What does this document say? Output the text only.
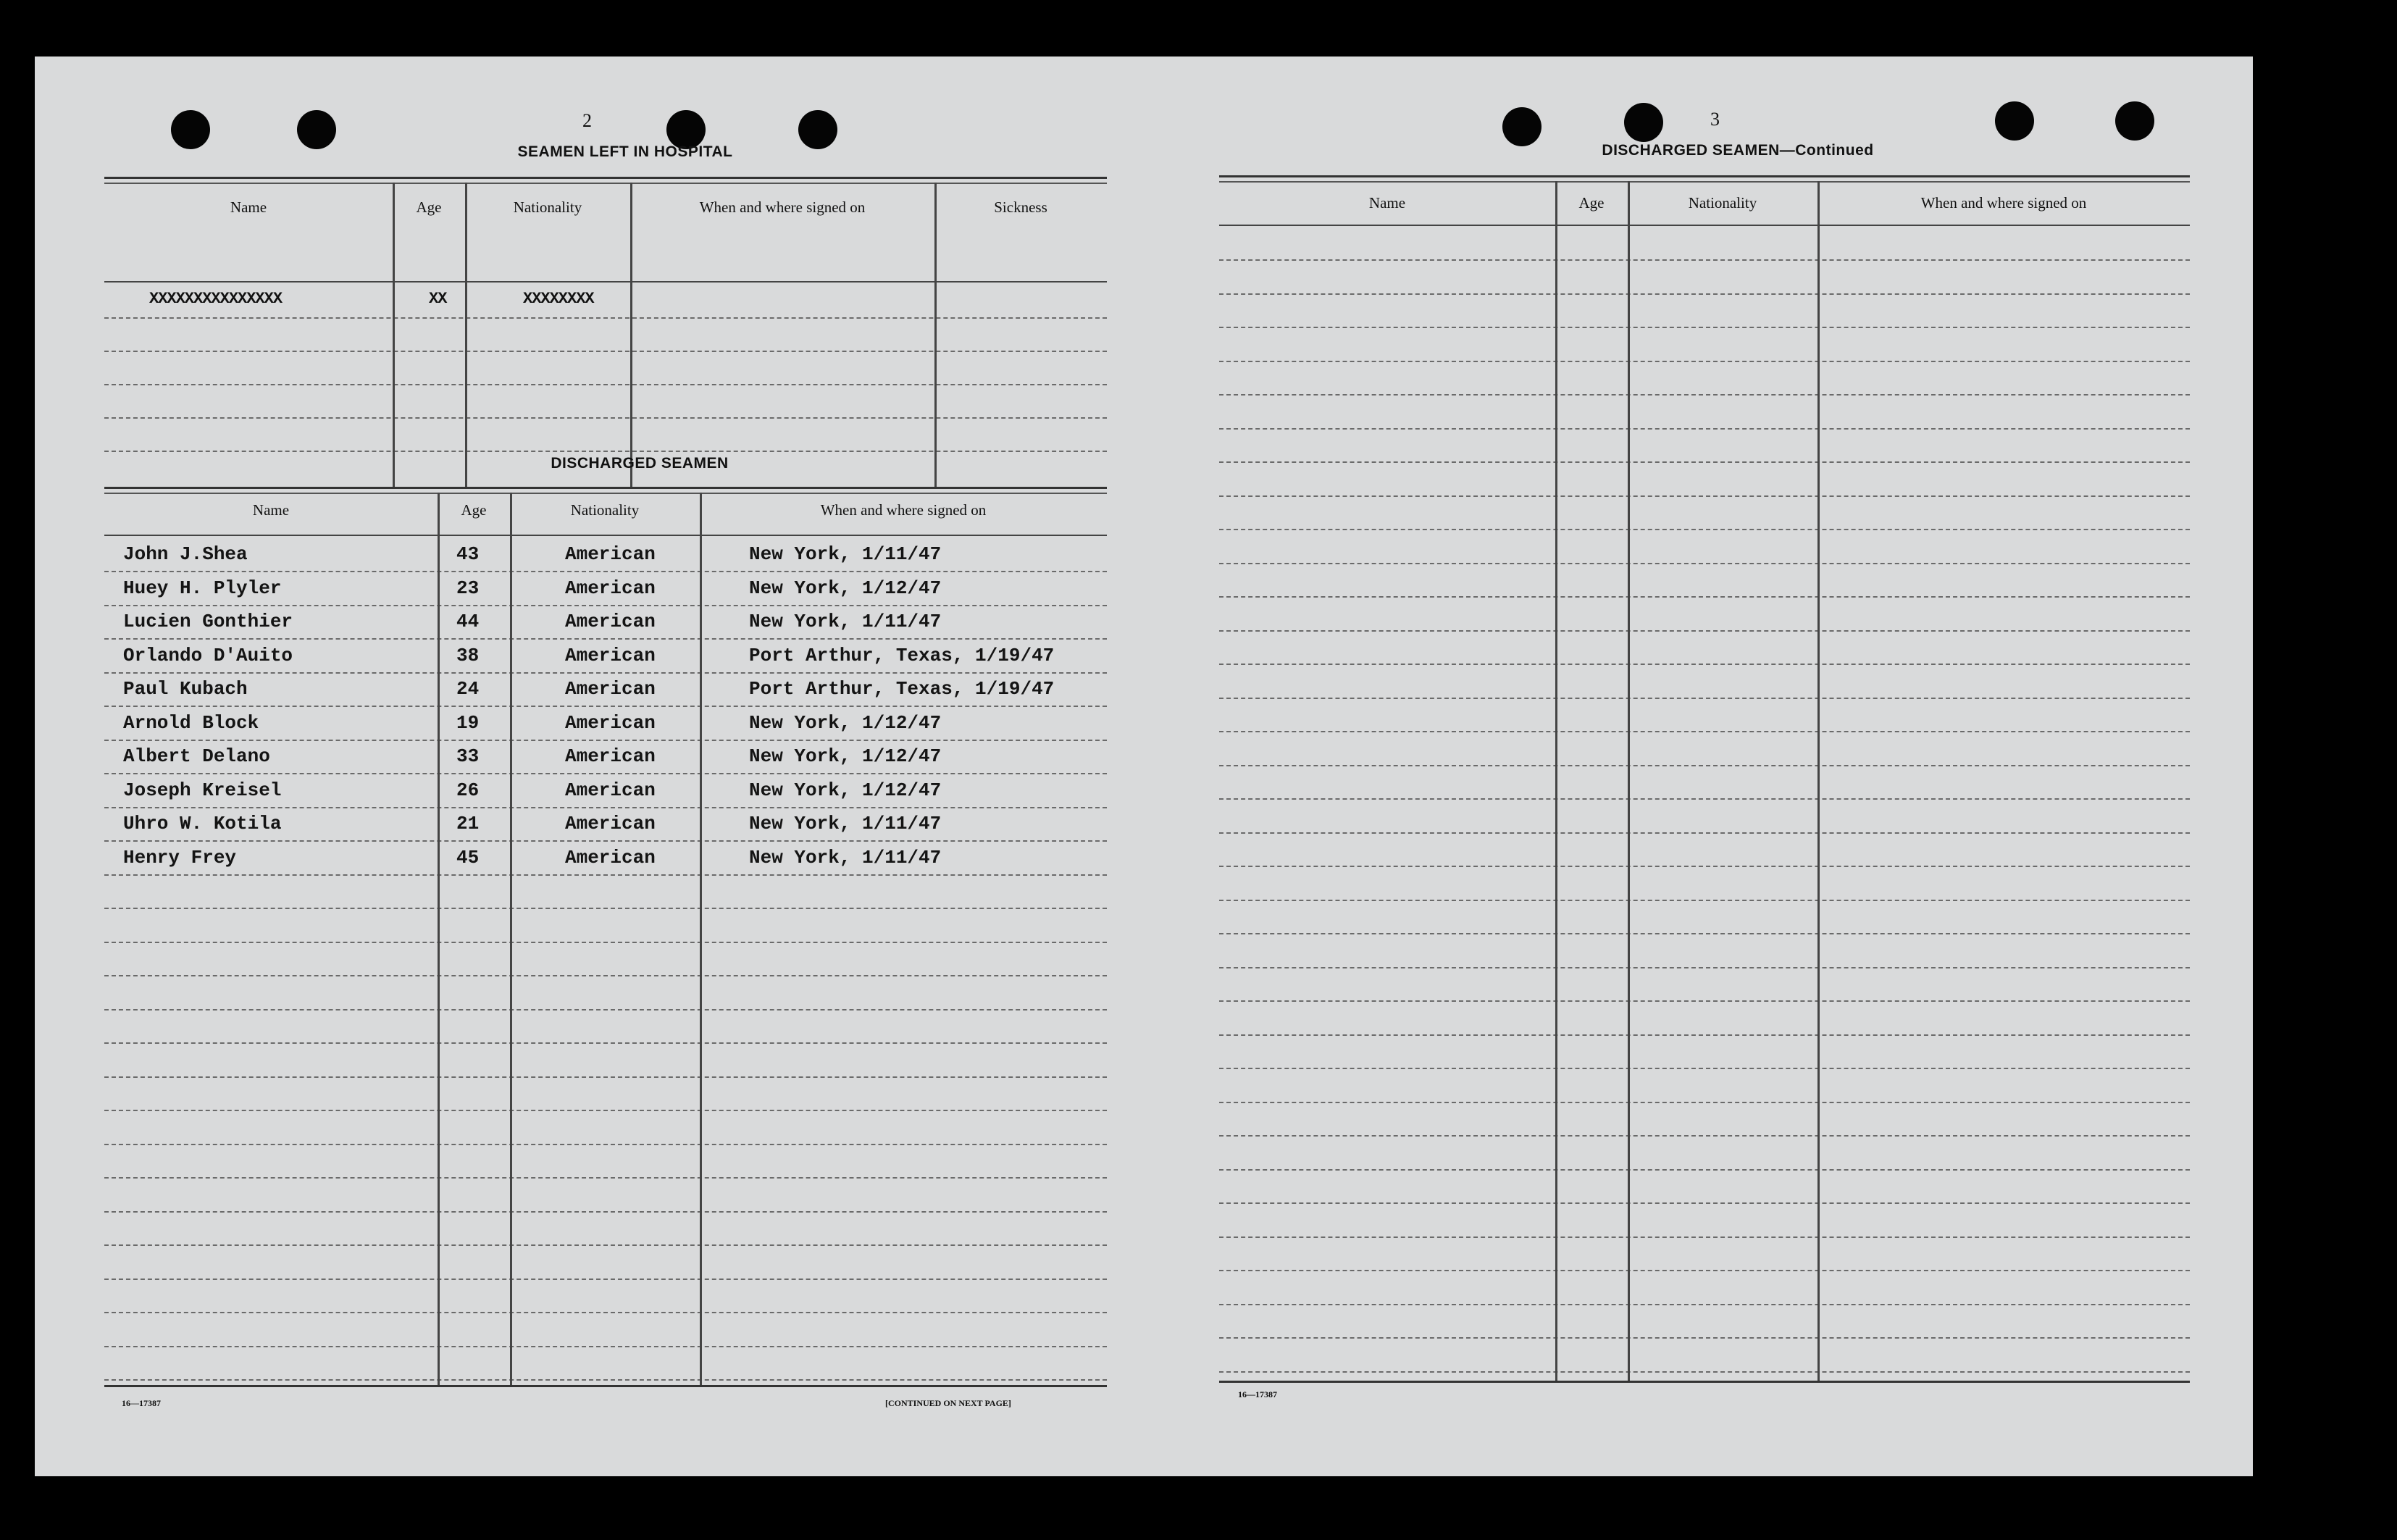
2
SEAMEN LEFT IN HOSPITAL
Name	Age	Nationality	When and where signed on	Sickness
XXXXXXXXXXXXXXX	XX	XXXXXXXX
DISCHARGED SEAMEN
Name	Age	Nationality	When and where signed on
John J.Shea	43	American	New York, 1/11/47
Huey H. Plyler	23	American	New York, 1/12/47
Lucien Gonthier	44	American	New York, 1/11/47
Orlando D'Auito	38	American	Port Arthur, Texas, 1/19/47
Paul Kubach	24	American	Port Arthur, Texas, 1/19/47
Arnold Block	19	American	New York, 1/12/47
Albert Delano	33	American	New York, 1/12/47
Joseph Kreisel	26	American	New York, 1/12/47
Uhro W. Kotila	21	American	New York, 1/11/47
Henry Frey	45	American	New York, 1/11/47
16—17387	[CONTINUED ON NEXT PAGE]
3
DISCHARGED SEAMEN—Continued
Name	Age	Nationality	When and where signed on
16—17387
